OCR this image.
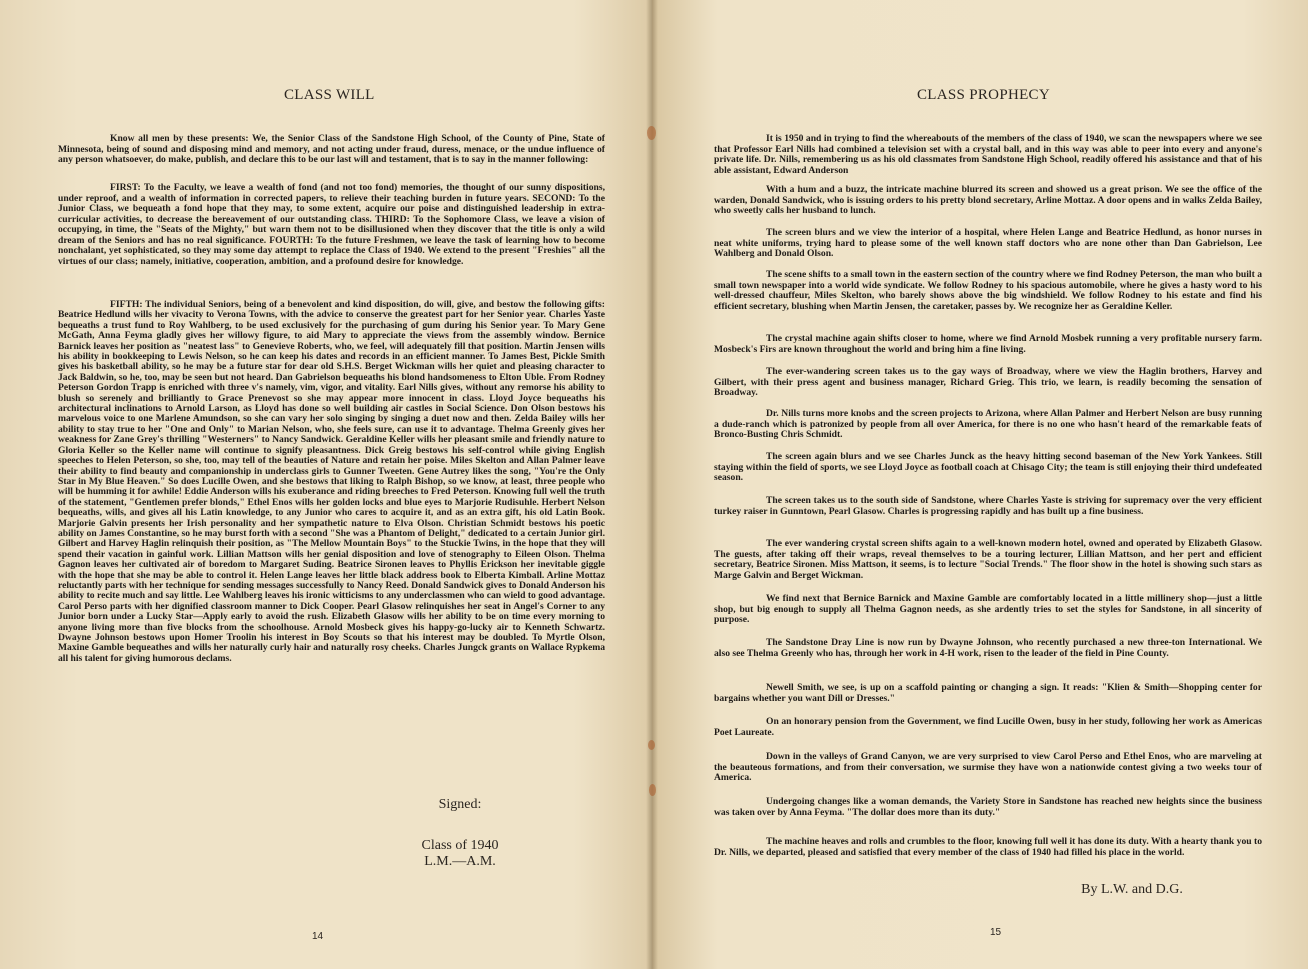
CLASS WILL

Know all men by these presents: We, the Senior Class of the Sandstone High School, of the County of Pine, State of Minnesota, being of sound and disposing mind and memory, and not acting under fraud, duress, menace, or the undue influence of any person whatsoever, do make, publish, and declare this to be our last will and testament, that is to say in the manner following:

FIRST: To the Faculty, we leave a wealth of fond (and not too fond) memories, the thought of our sunny dispositions, under reproof, and a wealth of information in corrected papers, to relieve their teaching burden in future years. SECOND: To the Junior Class, we bequeath a fond hope that they may, to some extent, acquire our poise and distinguished leadership in extra-curricular activities, to decrease the bereavement of our outstanding class. THIRD: To the Sophomore Class, we leave a vision of occupying, in time, the "Seats of the Mighty," but warn them not to be disillusioned when they discover that the title is only a wild dream of the Seniors and has no real significance. FOURTH: To the future Freshmen, we leave the task of learning how to become nonchalant, yet sophisticated, so they may some day attempt to replace the Class of 1940. We extend to the present "Freshies" all the virtues of our class; namely, initiative, cooperation, ambition, and a profound desire for knowledge.

FIFTH: The individual Seniors, being of a benevolent and kind disposition, do will, give, and bestow the following gifts: Beatrice Hedlund wills her vivacity to Verona Towns, with the advice to conserve the greatest part for her Senior year. Charles Yaste bequeaths a trust fund to Roy Wahlberg, to be used exclusively for the purchasing of gum during his Senior year. To Mary Gene McGath, Anna Feyma gladly gives her willowy figure, to aid Mary to appreciate the views from the assembly window. Bernice Barnick leaves her position as "neatest lass" to Genevieve Roberts, who, we feel, will adequately fill that position. Martin Jensen wills his ability in bookkeeping to Lewis Nelson, so he can keep his dates and records in an efficient manner. To James Best, Pickle Smith gives his basketball ability, so he may be a future star for dear old S.H.S. Berget Wickman wills her quiet and pleasing character to Jack Baldwin, so he, too, may be seen but not heard. Dan Gabrielson bequeaths his blond handsomeness to Elton Uble. From Rodney Peterson Gordon Trapp is enriched with three v's namely, vim, vigor, and vitality. Earl Nills gives, without any remorse his ability to blush so serenely and brilliantly to Grace Prenevost so she may appear more innocent in class. Lloyd Joyce bequeaths his architectural inclinations to Arnold Larson, as Lloyd has done so well building air castles in Social Science. Don Olson bestows his marvelous voice to one Marlene Amundson, so she can vary her solo singing by singing a duet now and then. Zelda Bailey wills her ability to stay true to her "One and Only" to Marian Nelson, who, she feels sure, can use it to advantage. Thelma Greenly gives her weakness for Zane Grey's thrilling "Westerners" to Nancy Sandwick. Geraldine Keller wills her pleasant smile and friendly nature to Gloria Keller so the Keller name will continue to signify pleasantness. Dick Greig bestows his self-control while giving English speeches to Helen Peterson, so she, too, may tell of the beauties of Nature and retain her poise. Miles Skelton and Allan Palmer leave their ability to find beauty and companionship in underclass girls to Gunner Tweeten. Gene Autrey likes the song, "You're the Only Star in My Blue Heaven." So does Lucille Owen, and she bestows that liking to Ralph Bishop, so we know, at least, three people who will be humming it for awhile! Eddie Anderson wills his exuberance and riding breeches to Fred Peterson. Knowing full well the truth of the statement, "Gentlemen prefer blonds," Ethel Enos wills her golden locks and blue eyes to Marjorie Rudisuhle. Herbert Nelson bequeaths, wills, and gives all his Latin knowledge, to any Junior who cares to acquire it, and as an extra gift, his old Latin Book. Marjorie Galvin presents her Irish personality and her sympathetic nature to Elva Olson. Christian Schmidt bestows his poetic ability on James Constantine, so he may burst forth with a second "She was a Phantom of Delight," dedicated to a certain Junior girl. Gilbert and Harvey Haglin relinquish their position, as "The Mellow Mountain Boys" to the Stuckie Twins, in the hope that they will spend their vacation in gainful work. Lillian Mattson wills her genial disposition and love of stenography to Eileen Olson. Thelma Gagnon leaves her cultivated air of boredom to Margaret Suding. Beatrice Sironen leaves to Phyllis Erickson her inevitable giggle with the hope that she may be able to control it. Helen Lange leaves her little black address book to Elberta Kimball. Arline Mottaz reluctantly parts with her technique for sending messages successfully to Nancy Reed. Donald Sandwick gives to Donald Anderson his ability to recite much and say little. Lee Wahlberg leaves his ironic witticisms to any underclassmen who can wield to good advantage. Carol Perso parts with her dignified classroom manner to Dick Cooper. Pearl Glasow relinquishes her seat in Angel's Corner to any Junior born under a Lucky Star—Apply early to avoid the rush. Elizabeth Glasow wills her ability to be on time every morning to anyone living more than five blocks from the schoolhouse. Arnold Mosbeck gives his happy-go-lucky air to Kenneth Schwartz. Dwayne Johnson bestows upon Homer Troolin his interest in Boy Scouts so that his interest may be doubled. To Myrtle Olson, Maxine Gamble bequeathes and wills her naturally curly hair and naturally rosy cheeks. Charles Jungck grants on Wallace Rypkema all his talent for giving humorous declams.

Signed:
Class of 1940
L.M.—A.M.
14
CLASS PROPHECY

It is 1950 and in trying to find the whereabouts of the members of the class of 1940, we scan the newspapers where we see that Professor Earl Nills had combined a television set with a crystal ball, and in this way was able to peer into every and anyone's private life. Dr. Nills, remembering us as his old classmates from Sandstone High School, readily offered his assistance and that of his able assistant, Edward Anderson

With a hum and a buzz, the intricate machine blurred its screen and showed us a great prison. We see the office of the warden, Donald Sandwick, who is issuing orders to his pretty blond secretary, Arline Mottaz. A door opens and in walks Zelda Bailey, who sweetly calls her husband to lunch.

The screen blurs and we view the interior of a hospital, where Helen Lange and Beatrice Hedlund, as honor nurses in neat white uniforms, trying hard to please some of the well known staff doctors who are none other than Dan Gabrielson, Lee Wahlberg and Donald Olson.

The scene shifts to a small town in the eastern section of the country where we find Rodney Peterson, the man who built a small town newspaper into a world wide syndicate. We follow Rodney to his spacious automobile, where he gives a hasty word to his well-dressed chauffeur, Miles Skelton, who barely shows above the big windshield. We follow Rodney to his estate and find his efficient secretary, blushing when Martin Jensen, the caretaker, passes by. We recognize her as Geraldine Keller.

The crystal machine again shifts closer to home, where we find Arnold Mosbek running a very profitable nursery farm. Mosbeck's Firs are known throughout the world and bring him a fine living.

The ever-wandering screen takes us to the gay ways of Broadway, where we view the Haglin brothers, Harvey and Gilbert, with their press agent and business manager, Richard Grieg. This trio, we learn, is readily becoming the sensation of Broadway.

Dr. Nills turns more knobs and the screen projects to Arizona, where Allan Palmer and Herbert Nelson are busy running a dude-ranch which is patronized by people from all over America, for there is no one who hasn't heard of the remarkable feats of Bronco-Busting Chris Schmidt.

The screen again blurs and we see Charles Junck as the heavy hitting second baseman of the New York Yankees. Still staying within the field of sports, we see Lloyd Joyce as football coach at Chisago City; the team is still enjoying their third undefeated season.

The screen takes us to the south side of Sandstone, where Charles Yaste is striving for supremacy over the very efficient turkey raiser in Gunntown, Pearl Glasow. Charles is progressing rapidly and has built up a fine business.

The ever wandering crystal screen shifts again to a well-known modern hotel, owned and operated by Elizabeth Glasow. The guests, after taking off their wraps, reveal themselves to be a touring lecturer, Lillian Mattson, and her pert and efficient secretary, Beatrice Sironen. Miss Mattson, it seems, is to lecture "Social Trends." The floor show in the hotel is showing such stars as Marge Galvin and Berget Wickman.

We find next that Bernice Barnick and Maxine Gamble are comfortably located in a little millinery shop—just a little shop, but big enough to supply all Thelma Gagnon needs, as she ardently tries to set the styles for Sandstone, in all sincerity of purpose.

The Sandstone Dray Line is now run by Dwayne Johnson, who recently purchased a new three-ton International. We also see Thelma Greenly who has, through her work in 4-H work, risen to the leader of the field in Pine County.

Newell Smith, we see, is up on a scaffold painting or changing a sign. It reads: "Klien & Smith—Shopping center for bargains whether you want Dill or Dresses."

On an honorary pension from the Government, we find Lucille Owen, busy in her study, following her work as Americas Poet Laureate.

Down in the valleys of Grand Canyon, we are very surprised to view Carol Perso and Ethel Enos, who are marveling at the beauteous formations, and from their conversation, we surmise they have won a nationwide contest giving a two weeks tour of America.

Undergoing changes like a woman demands, the Variety Store in Sandstone has reached new heights since the business was taken over by Anna Feyma. "The dollar does more than its duty."

The machine heaves and rolls and crumbles to the floor, knowing full well it has done its duty. With a hearty thank you to Dr. Nills, we departed, pleased and satisfied that every member of the class of 1940 had filled his place in the world.

By L.W. and D.G.
15
